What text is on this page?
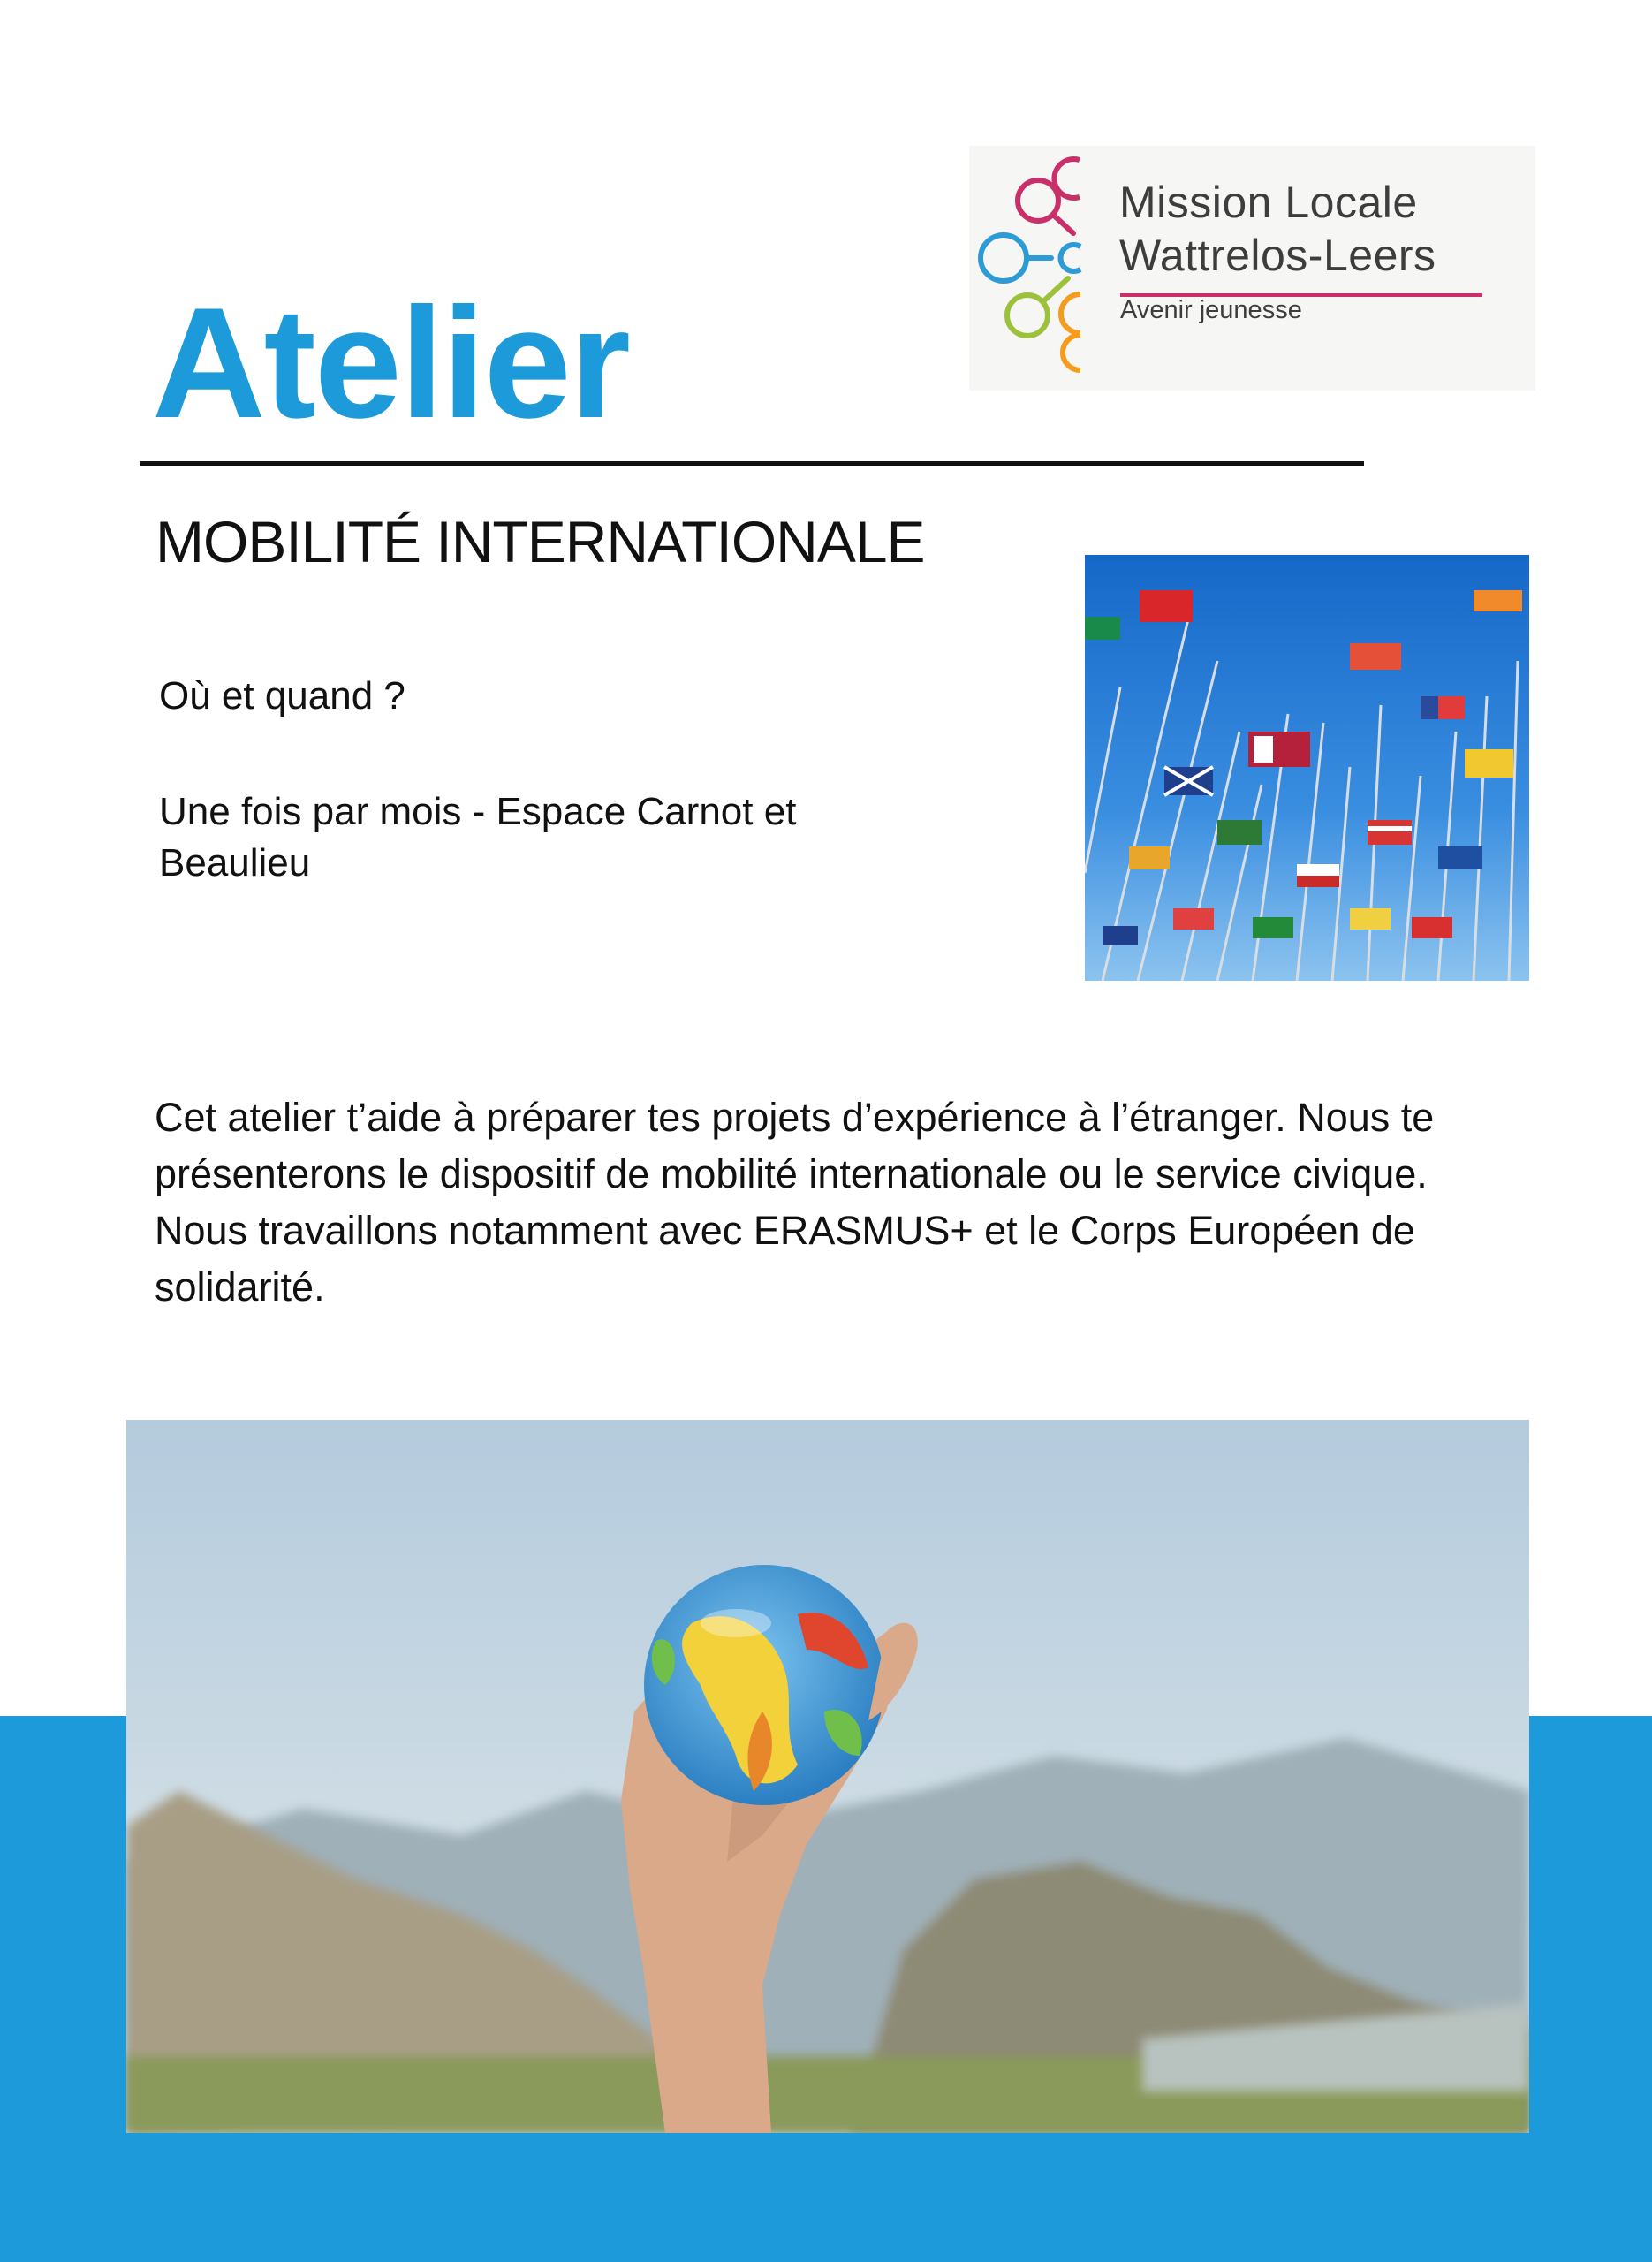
Mission Locale
Wattrelos-Leers
Avenir jeunesse
Atelier
MOBILITÉ INTERNATIONALE
Où et quand ?
Une fois par mois - Espace Carnot et Beaulieu
Cet atelier t’aide à préparer tes projets d’expérience à l’étranger. Nous te présenterons le dispositif de mobilité internationale ou le service civique. Nous travaillons notamment avec ERASMUS+ et le Corps Européen de solidarité.
